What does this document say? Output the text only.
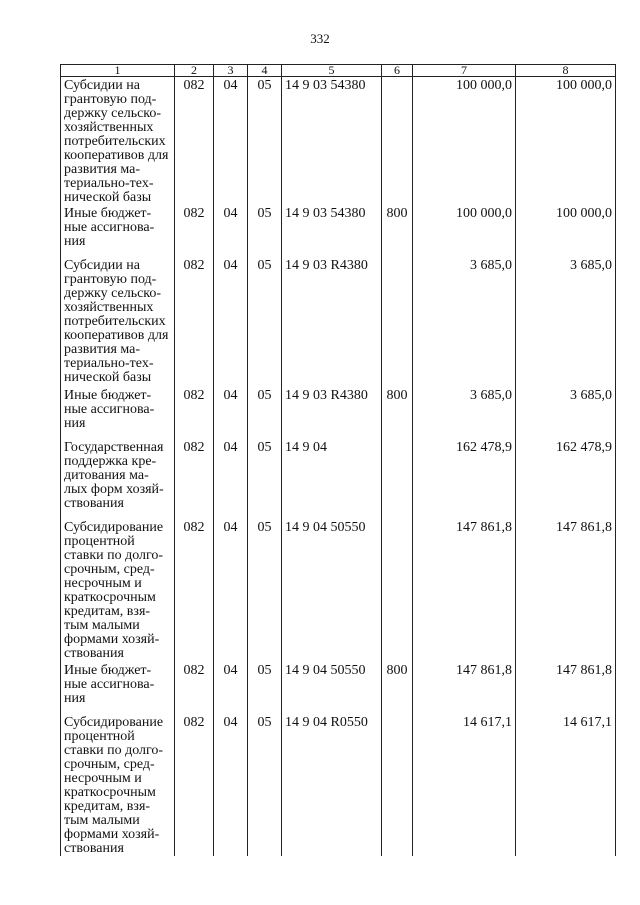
332
1	2	3	4	5	6	7	8
Субсидии на грантовую под-держку сельско-хозяйственных потребительских кооперативов для развития ма-териально-тех-нической базы	082	04	05	14 9 03 54380		100 000,0	100 000,0
Иные бюджет-ные ассигнова-ния	082	04	05	14 9 03 54380	800	100 000,0	100 000,0
Субсидии на грантовую под-держку сельско-хозяйственных потребительских кооперативов для развития ма-териально-тех-нической базы	082	04	05	14 9 03 R4380		3 685,0	3 685,0
Иные бюджет-ные ассигнова-ния	082	04	05	14 9 03 R4380	800	3 685,0	3 685,0
Государственная поддержка кре-дитования ма-лых форм хозяй-ствования	082	04	05	14 9 04		162 478,9	162 478,9
Субсидирование процентной ставки по долго-срочным, сред-несрочным и краткосрочным кредитам, взя-тым малыми формами хозяй-ствования	082	04	05	14 9 04 50550		147 861,8	147 861,8
Иные бюджет-ные ассигнова-ния	082	04	05	14 9 04 50550	800	147 861,8	147 861,8
Субсидирование процентной ставки по долго-срочным, сред-несрочным и краткосрочным кредитам, взя-тым малыми формами хозяй-ствования	082	04	05	14 9 04 R0550		14 617,1	14 617,1
